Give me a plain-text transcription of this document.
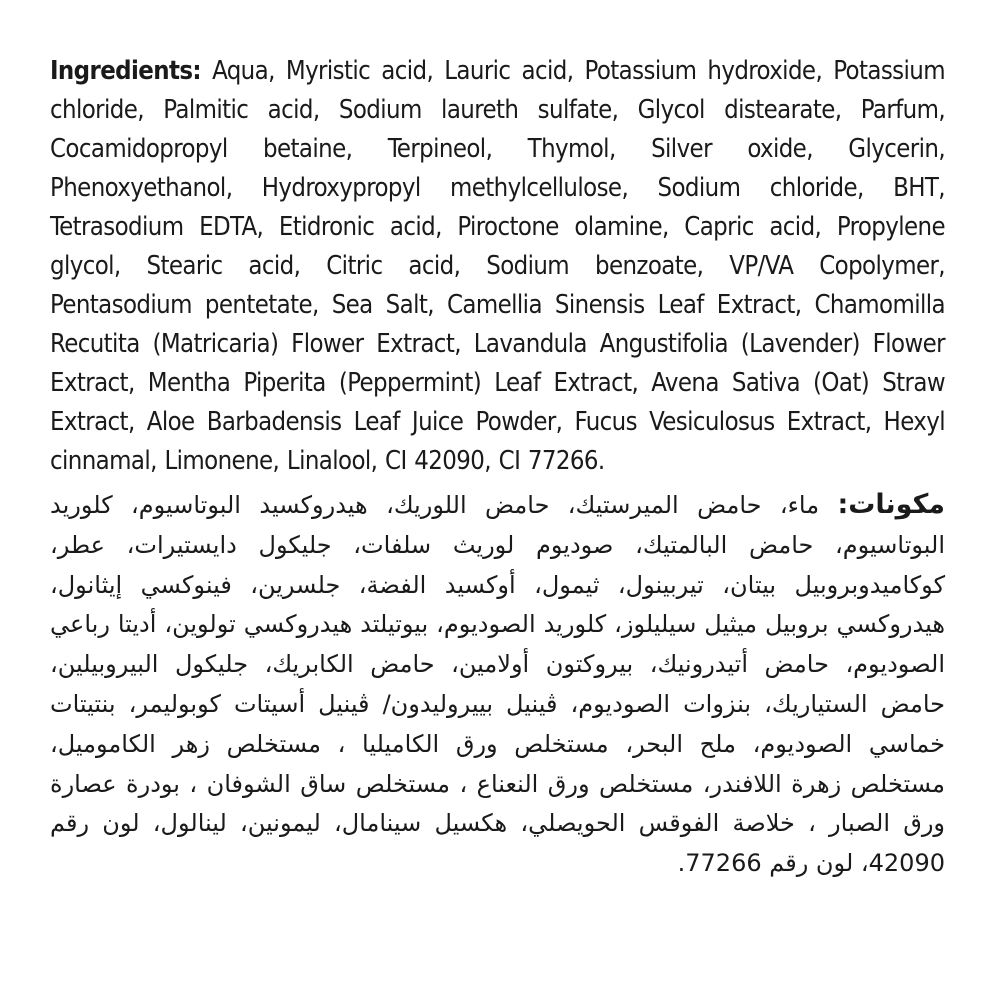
Ingredients: Aqua, Myristic acid, Lauric acid, Potassium hydroxide, Potassium chloride, Palmitic acid, Sodium laureth sulfate, Glycol distearate, Parfum, Cocamidopropyl betaine, Terpineol, Thymol, Silver oxide, Glycerin, Phenoxyethanol, Hydroxypropyl methylcellulose, Sodium chloride, BHT, Tetrasodium EDTA, Etidronic acid, Piroctone olamine, Capric acid, Propylene glycol, Stearic acid, Citric acid, Sodium benzoate, VP/VA Copolymer, Pentasodium pentetate, Sea Salt, Camellia Sinensis Leaf Extract, Chamomilla Recutita (Matricaria) Flower Extract, Lavandula Angustifolia (Lavender) Flower Extract, Mentha Piperita (Peppermint) Leaf Extract, Avena Sativa (Oat) Straw Extract, Aloe Barbadensis Leaf Juice Powder, Fucus Vesiculosus Extract, Hexyl cinnamal, Limonene, Linalool, CI 42090, CI 77266.

مكونات: ماء، حامض الميرستيك، حامض اللوريك، هيدروكسيد البوتاسيوم، كلوريد البوتاسيوم، حامض البالمتيك، صوديوم لوريث سلفات، جليكول دايستيرات، عطر، كوكاميدوبروبيل بيتان، تيربينول، ثيمول، أوكسيد الفضة، جلسرين، فينوكسي إيثانول، هيدروكسي بروبيل ميثيل سيليلوز، كلوريد الصوديوم، بيوتيلتد هيدروكسي تولوين، أديتا رباعي الصوديوم، حامض أتيدرونيك، بيروكتون أولامين، حامض الكابريك، جليكول البيروبيلين، حامض الستياريك، بنزوات الصوديوم، ڤينيل بييروليدون/ ڤينيل أسيتات كوبوليمر، بنتيتات خماسي الصوديوم، ملح البحر، مستخلص ورق الكاميليا ، مستخلص زهر الكاموميل، مستخلص زهرة اللافندر، مستخلص ورق النعناع ، مستخلص ساق الشوفان ، بودرة عصارة ورق الصبار ، خلاصة الفوقس الحويصلي، هكسيل سينامال، ليمونين، لينالول، لون رقم 42090، لون رقم 77266.
